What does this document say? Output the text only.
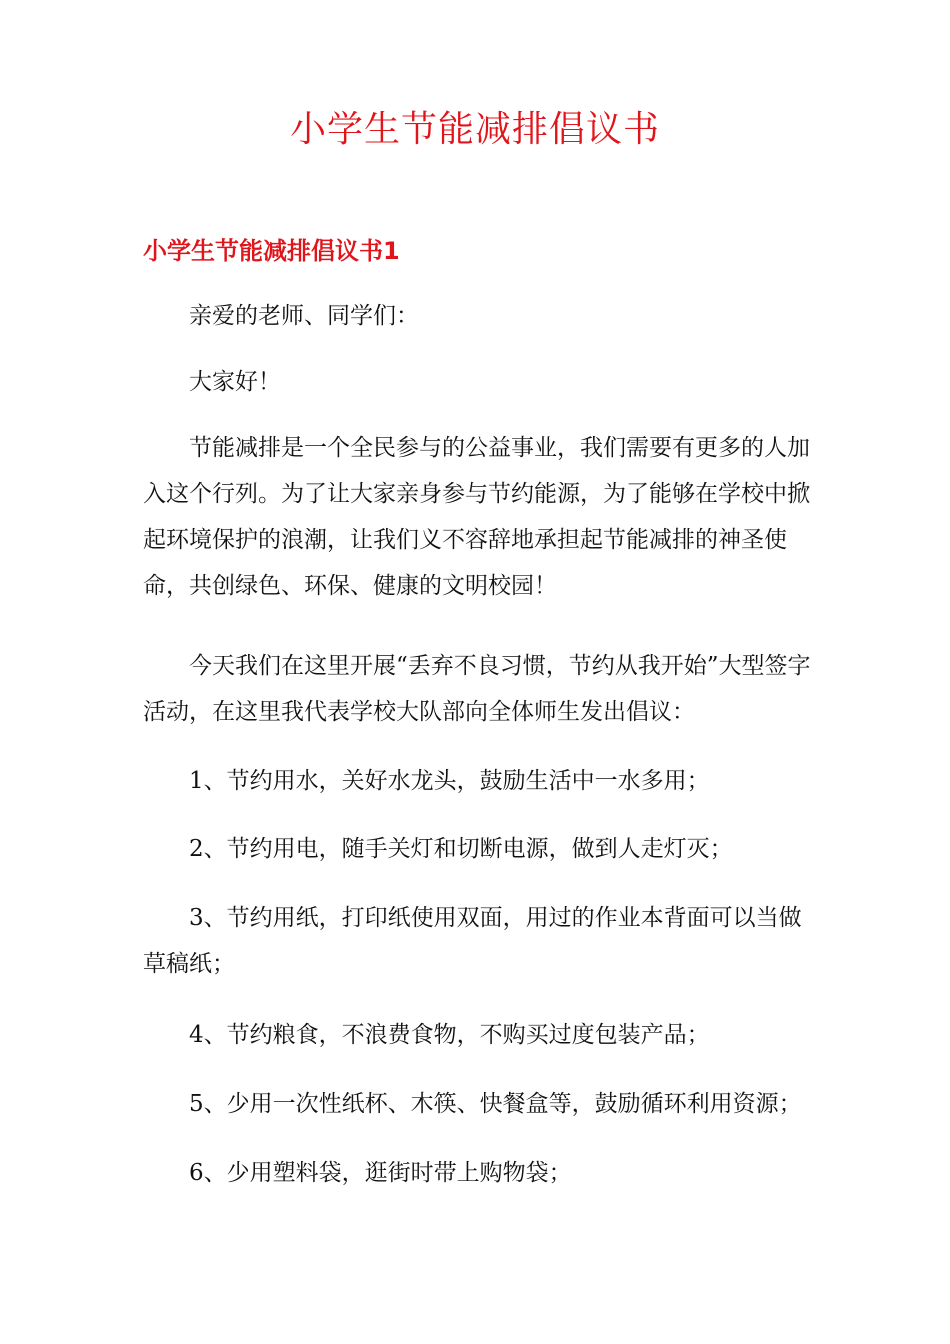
小学生节能减排倡议书
小学生节能减排倡议书1

亲爱的老师、同学们：

大家好！

节能减排是一个全民参与的公益事业，我们需要有更多的人加入这个行列。为了让大家亲身参与节约能源，为了能够在学校中掀起环境保护的浪潮，让我们义不容辞地承担起节能减排的神圣使命，共创绿色、环保、健康的文明校园！

今天我们在这里开展“丢弃不良习惯，节约从我开始”大型签字活动，在这里我代表学校大队部向全体师生发出倡议：

1、节约用水，关好水龙头，鼓励生活中一水多用；

2、节约用电，随手关灯和切断电源，做到人走灯灭；

3、节约用纸，打印纸使用双面，用过的作业本背面可以当做草稿纸；

4、节约粮食，不浪费食物，不购买过度包装产品；

5、少用一次性纸杯、木筷、快餐盒等，鼓励循环利用资源；

6、少用塑料袋，逛街时带上购物袋；
